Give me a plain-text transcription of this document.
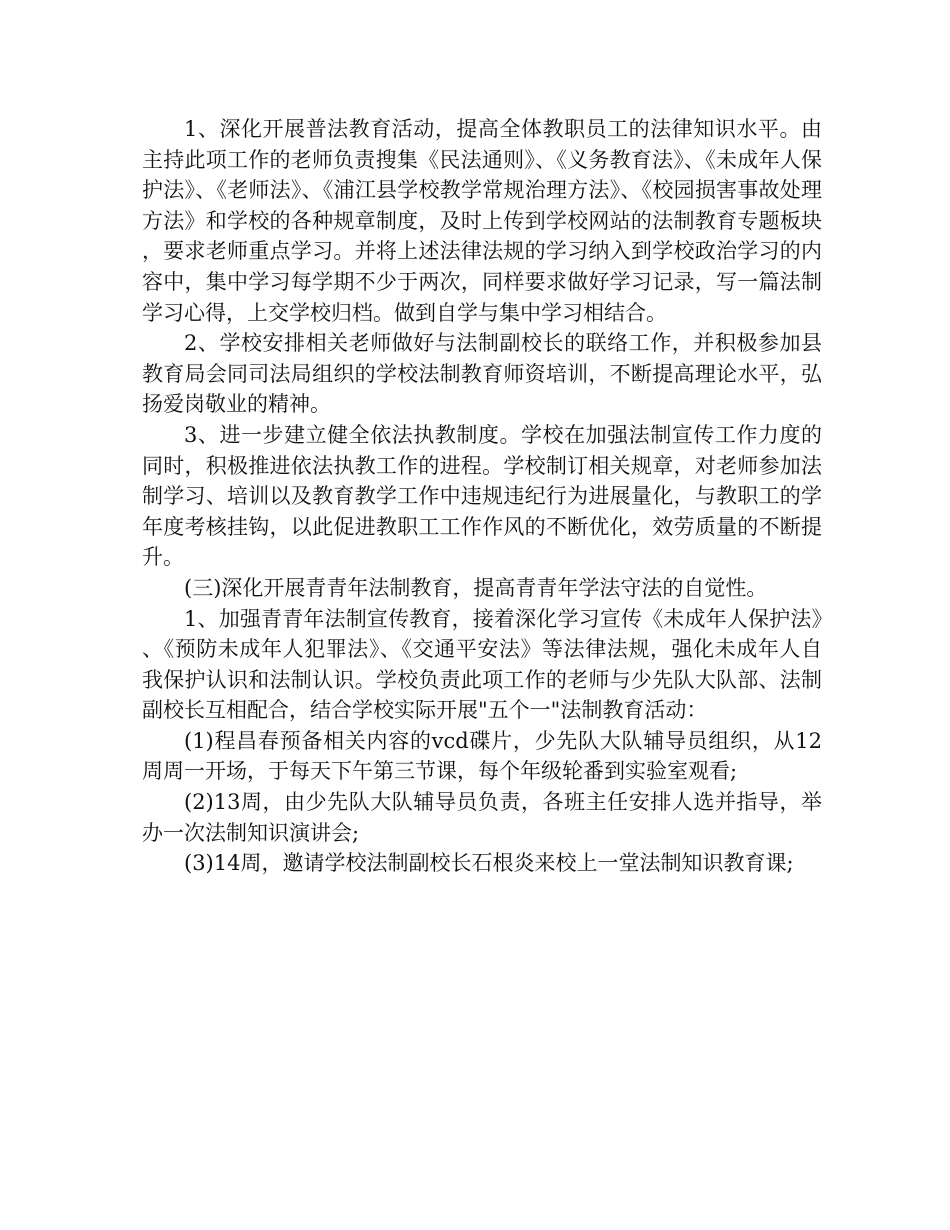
1、深化开展普法教育活动，提高全体教职员工的法律知识水平。由主持此项工作的老师负责搜集《民法通则》、《义务教育法》、《未成年人保护法》、《老师法》、《浦江县学校教学常规治理方法》、《校园损害事故处理方法》和学校的各种规章制度，及时上传到学校网站的法制教育专题板块，要求老师重点学习。并将上述法律法规的学习纳入到学校政治学习的内容中，集中学习每学期不少于两次，同样要求做好学习记录，写一篇法制学习心得，上交学校归档。做到自学与集中学习相结合。

2、学校安排相关老师做好与法制副校长的联络工作，并积极参加县教育局会同司法局组织的学校法制教育师资培训，不断提高理论水平，弘扬爱岗敬业的精神。

3、进一步建立健全依法执教制度。学校在加强法制宣传工作力度的同时，积极推进依法执教工作的进程。学校制订相关规章，对老师参加法制学习、培训以及教育教学工作中违规违纪行为进展量化，与教职工的学年度考核挂钩，以此促进教职工工作作风的不断优化，效劳质量的不断提升。

(三)深化开展青青年法制教育，提高青青年学法守法的自觉性。

1、加强青青年法制宣传教育，接着深化学习宣传《未成年人保护法》、《预防未成年人犯罪法》、《交通平安法》等法律法规，强化未成年人自我保护认识和法制认识。学校负责此项工作的老师与少先队大队部、法制副校长互相配合，结合学校实际开展"五个一"法制教育活动：

(1)程昌春预备相关内容的vcd碟片，少先队大队辅导员组织，从12周周一开场，于每天下午第三节课，每个年级轮番到实验室观看;

(2)13周，由少先队大队辅导员负责，各班主任安排人选并指导，举办一次法制知识演讲会;

(3)14周，邀请学校法制副校长石根炎来校上一堂法制知识教育课;
